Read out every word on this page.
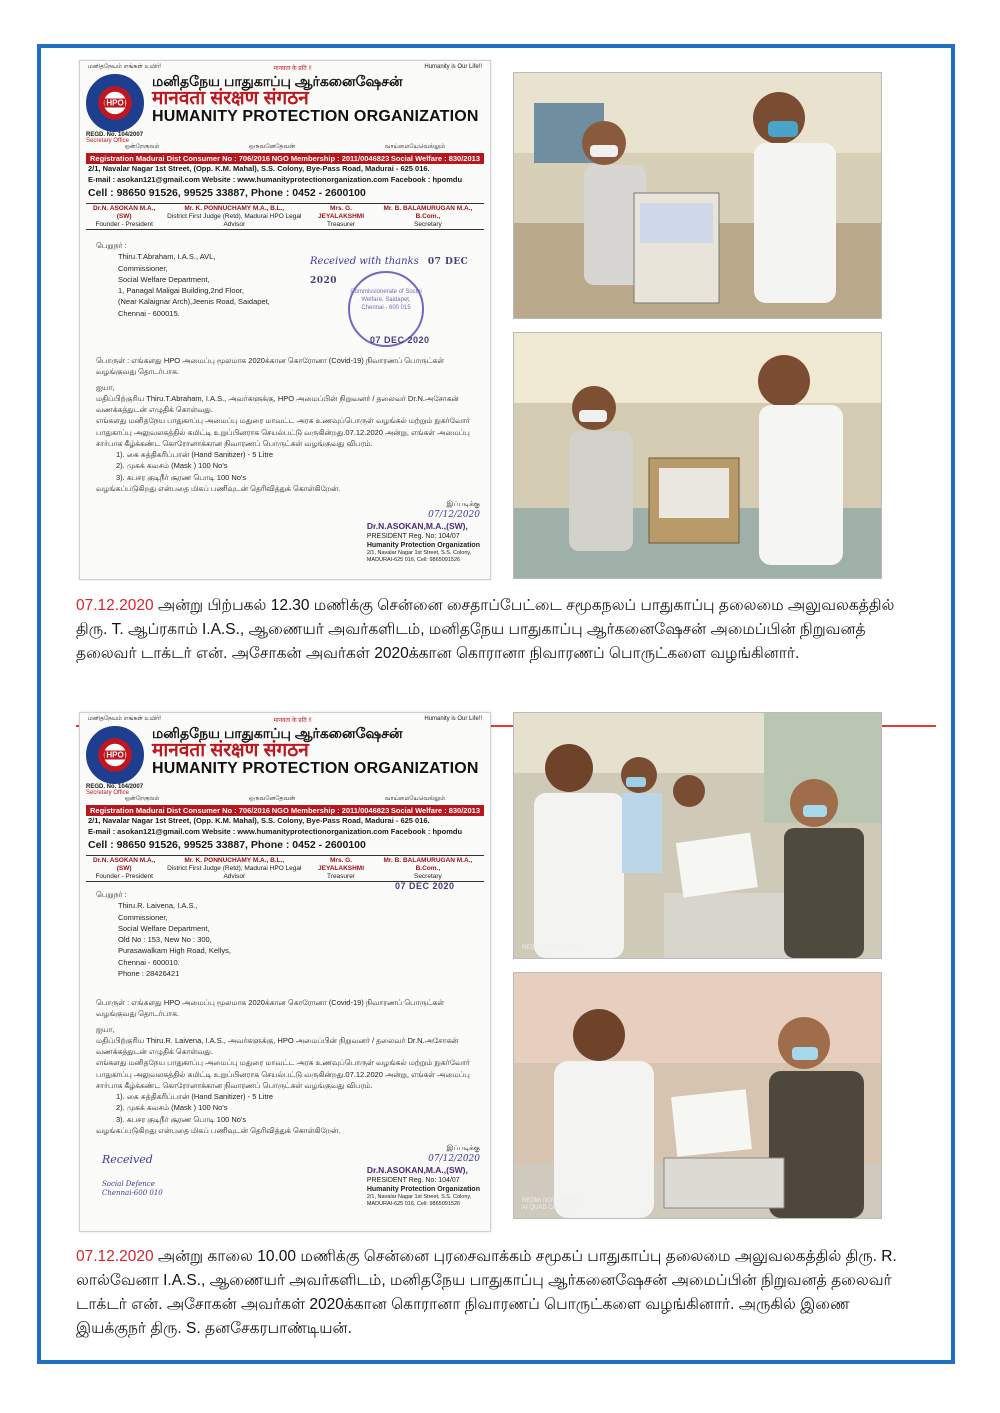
மனிதநேயம் எங்கள் உயிர்!	मानवता के प्रति !!	Humanity is Our Life!!
HPO
மனிதநேய பாதுகாப்பு ஆர்கனைஷேசன்
मानवता संरक्षण संगठन
HUMANITY PROTECTION ORGANIZATION
REGD. No. 104/2007
Secretary Office
ஒன்றேகுலம்	ஒருவனேதேவன்	வாய்மையேவெல்லும்
Registration Madurai Dist Consumer No : 706/2016 NGO Membership : 2011/0046823 Social Welfare : 830/2013
2/1, Navalar Nagar 1st Street, (Opp. K.M. Mahal), S.S. Colony, Bye-Pass Road, Madurai - 625 016.
E-mail : asokan121@gmail.com Website : www.humanityprotectionorganization.com Facebook : hpomdu
Cell : 98650 91526, 99525 33887, Phone : 0452 - 2600100
Dr.N. ASOKAN M.A.,(SW)
Founder - President
Mr. K. PONNUCHAMY M.A., B.L.,
District First Judge (Retd), Madurai HPO Legal Advisor
Mrs. G. JEYALAKSHMI
Treasurer
Mr. B. BALAMURUGAN M.A., B.Com.,
Secretary
Received with thanks 07 DEC 2020
Commissionerate of Social Welfare, Saidapet, Chennai - 600 015
பெறுநர் :
Thiru.T.Abraham, I.A.S., AVL,
Commissioner,
Social Welfare Department,
1, Panagal Maligai Building,2nd Floor,
(Near Kalaignar Arch),Jeenis Road, Saidapet,
Chennai - 600015.
07 DEC 2020
பொருள் : எங்களது HPO அமைப்பு மூலமாக 2020க்கான கொரோனா (Covid-19) நிவாரணப் பொருட்கள் வழங்குவது தொடர்பாக.
ஐயா,
மதிப்பிற்குரிய Thiru.T.Abraham, I.A.S., அவர்களுக்கு, HPO அமைப்பின் நிறுவனர் / தலைவர் Dr.N.அசோகன் வணக்கத்துடன் எழுதிக் கொள்வது.
எங்களது மனிதநேய பாதுகாப்பு அமைப்பு மதுரை மாவட்ட அரசு உணவுப்பொருள் வழங்கல் மற்றும் நுகர்வோர் பாதுகாப்பு அலுவலகத்தில் கமிட்டி உறுப்பினராக செயல்பட்டு வருகின்றது.07.12.2020 அன்று, எங்கள் அமைப்பு சார்பாக கீழ்க்கண்ட கொரோனாக்கான நிவாரணப் பொருட்கள் வழங்குவது விபரம்.
1). கை சுத்திகரிப்பான் (Hand Sanitizer) - 5 Litre
2). முகக் கவசம் (Mask ) 100 No's
3). கபசர குடிநீர் சூரண பொடி 100 No's
வழங்கப்படுகிறது என்பதை மிகப் பணிவுடன் தெரிவித்துக் கொள்கிறேன்.
இப்படிக்கு
07/12/2020
Dr.N.ASOKAN,M.A.,(SW),
PRESIDENT Reg. No: 104/07
Humanity Protection Organization
2/1, Navalar Nagar 1st Street, S.S. Colony, MADURAI-625 016. Cell: 9865091526
07.12.2020 அன்று பிற்பகல் 12.30 மணிக்கு சென்னை சைதாப்பேட்டை சமூகநலப் பாதுகாப்பு தலைமை அலுவலகத்தில் திரு. T. ஆப்ரகாம் I.A.S., ஆணையர் அவர்களிடம், மனிதநேய பாதுகாப்பு ஆர்கனைஷேசன் அமைப்பின் நிறுவனத் தலைவர் டாக்டர் என். அசோகன் அவர்கள் 2020க்கான கொரானா நிவாரணப் பொருட்களை வழங்கினார்.
மனிதநேயம் எங்கள் உயிர்!	मानवता के प्रति !!	Humanity is Our Life!!
HPO
மனிதநேய பாதுகாப்பு ஆர்கனைஷேசன்
मानवता संरक्षण संगठन
HUMANITY PROTECTION ORGANIZATION
REGD. No. 104/2007
Secretary Office
ஒன்றேகுலம்	ஒருவனேதேவன்	வாய்மையேவெல்லும்
Registration Madurai Dist Consumer No : 706/2016 NGO Membership : 2011/0046823 Social Welfare : 830/2013
2/1, Navalar Nagar 1st Street, (Opp. K.M. Mahal), S.S. Colony, Bye-Pass Road, Madurai - 625 016.
E-mail : asokan121@gmail.com Website : www.humanityprotectionorganization.com Facebook : hpomdu
Cell : 98650 91526, 99525 33887, Phone : 0452 - 2600100
Dr.N. ASOKAN M.A.,(SW)
Founder - President
Mr. K. PONNUCHAMY M.A., B.L.,
District First Judge (Retd), Madurai HPO Legal Advisor
Mrs. G. JEYALAKSHMI
Treasurer
Mr. B. BALAMURUGAN M.A., B.Com.,
Secretary
07 DEC 2020
பெறுநர் :
Thiru.R. Laivena, I.A.S.,
Commissioner,
Social Welfare Department,
Old No : 153, New No : 300,
Purasawalkam High Road, Kellys,
Chennai - 600010.
Phone : 28426421
பொருள் : எங்களது HPO அமைப்பு மூலமாக 2020க்கான கொரோனா (Covid-19) நிவாரணப் பொருட்கள் வழங்குவது தொடர்பாக.
ஐயா,
மதிப்பிற்குரிய Thiru.R. Laivena, I.A.S., அவர்களுக்கு, HPO அமைப்பின் நிறுவனர் / தலைவர் Dr.N.அசோகன் வணக்கத்துடன் எழுதிக் கொள்வது.
எங்களது மனிதநேய பாதுகாப்பு அமைப்பு மதுரை மாவட்ட அரசு உணவுப்பொருள் வழங்கல் மற்றும் நுகர்வோர் பாதுகாப்பு அலுவலகத்தில் கமிட்டி உறுப்பினராக செயல்பட்டு வருகின்றது.07.12.2020 அன்று, எங்கள் அமைப்பு சார்பாக கீழ்க்கண்ட கொரோனாக்கான நிவாரணப் பொருட்கள் வழங்குவது விபரம்.
1). கை சுத்திகரிப்பான் (Hand Sanitizer) - 5 Litre
2). முகக் கவசம் (Mask ) 100 No's
3). கபசர குடிநீர் சூரண பொடி 100 No's
வழங்கப்படுகிறது என்பதை மிகப் பணிவுடன் தெரிவித்துக் கொள்கிறேன்.
Received
Social Defence
Chennai-600 010
இப்படிக்கு
07/12/2020
Dr.N.ASOKAN,M.A.,(SW),
PRESIDENT Reg. No: 104/07
Humanity Protection Organization
2/1, Navalar Nagar 1st Street, S.S. Colony, MADURAI-625 016. Cell: 9865091526
REDMI NOTE 9 PRO
REDMI NOTE 9 PRO
AI QUAD CAMERA
07.12.2020 அன்று காலை 10.00 மணிக்கு சென்னை புரசைவாக்கம் சமூகப் பாதுகாப்பு தலைமை அலுவலகத்தில் திரு. R. லால்வேனா I.A.S., ஆணையர் அவர்களிடம், மனிதநேய பாதுகாப்பு ஆர்கனைஷேசன் அமைப்பின் நிறுவனத் தலைவர் டாக்டர் என். அசோகன் அவர்கள் 2020க்கான கொரானா நிவாரணப் பொருட்களை வழங்கினார். அருகில் இணை இயக்குநர் திரு. S. தனசேகரபாண்டியன்.
